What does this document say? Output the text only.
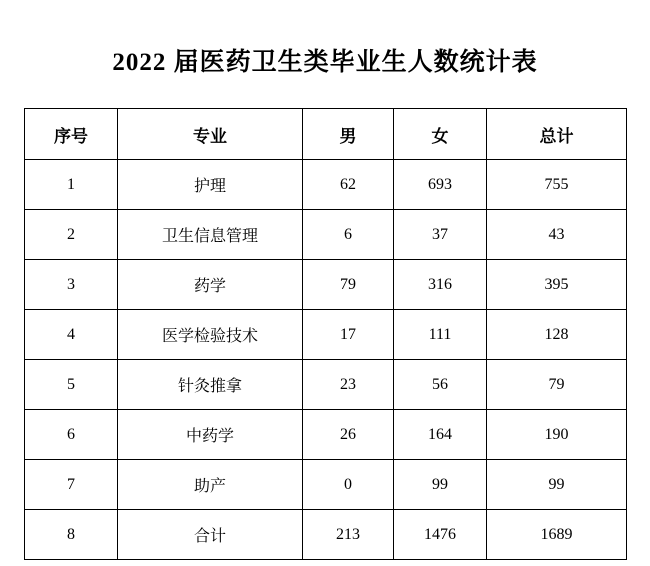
2022 届医药卫生类毕业生人数统计表
序号	专业	男	女	总计
1	护理	62	693	755
2	卫生信息管理	6	37	43
3	药学	79	316	395
4	医学检验技术	17	111	128
5	针灸推拿	23	56	79
6	中药学	26	164	190
7	助产	0	99	99
8	合计	213	1476	1689
